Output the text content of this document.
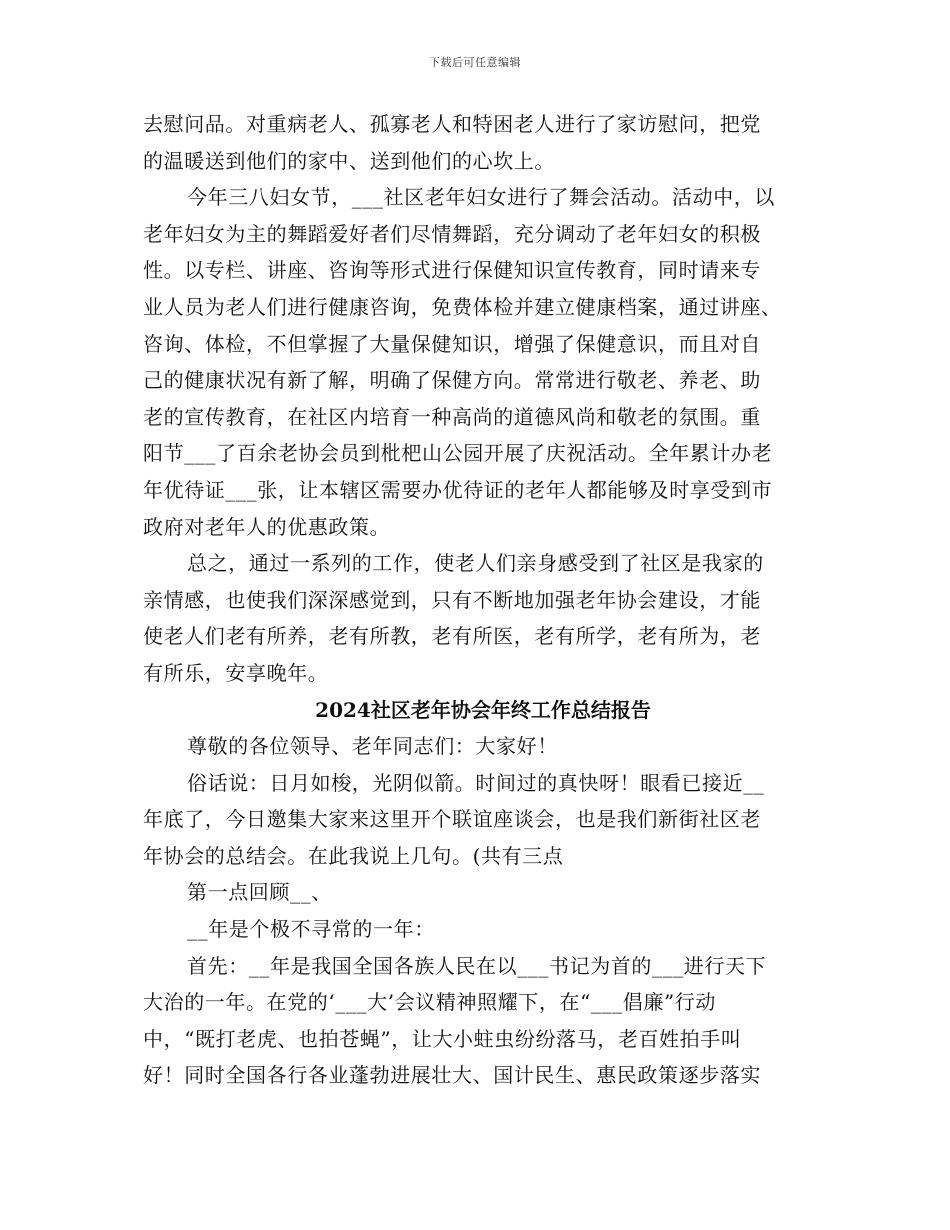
下载后可任意编辑
去慰问品。对重病老人、孤寡老人和特困老人进行了家访慰问，把党
的温暖送到他们的家中、送到他们的心坎上。
今年三八妇女节，___社区老年妇女进行了舞会活动。活动中，以
老年妇女为主的舞蹈爱好者们尽情舞蹈，充分调动了老年妇女的积极
性。以专栏、讲座、咨询等形式进行保健知识宣传教育，同时请来专
业人员为老人们进行健康咨询，免费体检并建立健康档案，通过讲座、
咨询、体检，不但掌握了大量保健知识，增强了保健意识，而且对自
己的健康状况有新了解，明确了保健方向。常常进行敬老、养老、助
老的宣传教育，在社区内培育一种高尚的道德风尚和敬老的氛围。重
阳节___了百余老协会员到枇杷山公园开展了庆祝活动。全年累计办老
年优待证___张，让本辖区需要办优待证的老年人都能够及时享受到市
政府对老年人的优惠政策。
总之，通过一系列的工作，使老人们亲身感受到了社区是我家的
亲情感，也使我们深深感觉到，只有不断地加强老年协会建设，才能
使老人们老有所养，老有所教，老有所医，老有所学，老有所为，老
有所乐，安享晚年。
2024社区老年协会年终工作总结报告
尊敬的各位领导、老年同志们：大家好！
俗话说：日月如梭，光阴似箭。时间过的真快呀！眼看已接近__
年底了，今日邀集大家来这里开个联谊座谈会，也是我们新街社区老
年协会的总结会。在此我说上几句。(共有三点
第一点回顾__、
__年是个极不寻常的一年：
首先：__年是我国全国各族人民在以___书记为首的___进行天下
大治的一年。在党的‘___大’会议精神照耀下，在“___倡廉”行动
中，“既打老虎、也拍苍蝇”，让大小蛀虫纷纷落马，老百姓拍手叫
好！同时全国各行各业蓬勃进展壮大、国计民生、惠民政策逐步落实
